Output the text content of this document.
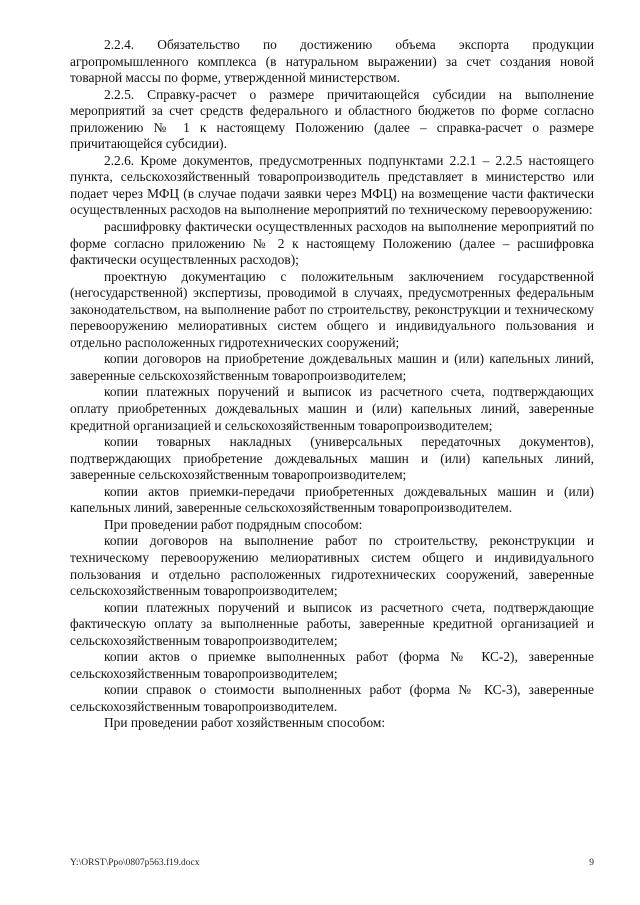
2.2.4. Обязательство по достижению объема экспорта продукции агропромышленного комплекса (в натуральном выражении) за счет создания новой товарной массы по форме, утвержденной министерством.

2.2.5. Справку-расчет о размере причитающейся субсидии на выполнение мероприятий за счет средств федерального и областного бюджетов по форме согласно приложению № 1 к настоящему Положению (далее – справка-расчет о размере причитающейся субсидии).

2.2.6. Кроме документов, предусмотренных подпунктами 2.2.1 – 2.2.5 настоящего пункта, сельскохозяйственный товаропроизводитель представляет в министерство или подает через МФЦ (в случае подачи заявки через МФЦ) на возмещение части фактически осуществленных расходов на выполнение мероприятий по техническому перевооружению:

расшифровку фактически осуществленных расходов на выполнение мероприятий по форме согласно приложению № 2 к настоящему Положению (далее – расшифровка фактически осуществленных расходов);

проектную документацию с положительным заключением государственной (негосударственной) экспертизы, проводимой в случаях, предусмотренных федеральным законодательством, на выполнение работ по строительству, реконструкции и техническому перевооружению мелиоративных систем общего и индивидуального пользования и отдельно расположенных гидротехнических сооружений;

копии договоров на приобретение дождевальных машин и (или) капельных линий, заверенные сельскохозяйственным товаропроизводителем;

копии платежных поручений и выписок из расчетного счета, подтверждающих оплату приобретенных дождевальных машин и (или) капельных линий, заверенные кредитной организацией и сельскохозяйственным товаропроизводителем;

копии товарных накладных (универсальных передаточных документов), подтверждающих приобретение дождевальных машин и (или) капельных линий, заверенные сельскохозяйственным товаропроизводителем;

копии актов приемки-передачи приобретенных дождевальных машин и (или) капельных линий, заверенные сельскохозяйственным товаропроизводителем.

При проведении работ подрядным способом:

копии договоров на выполнение работ по строительству, реконструкции и техническому перевооружению мелиоративных систем общего и индивидуального пользования и отдельно расположенных гидротехнических сооружений, заверенные сельскохозяйственным товаропроизводителем;

копии платежных поручений и выписок из расчетного счета, подтверждающие фактическую оплату за выполненные работы, заверенные кредитной организацией и сельскохозяйственным товаропроизводителем;

копии актов о приемке выполненных работ (форма № КС-2), заверенные сельскохозяйственным товаропроизводителем;

копии справок о стоимости выполненных работ (форма № КС-3), заверенные сельскохозяйственным товаропроизводителем.

При проведении работ хозяйственным способом:

Y:\ORST\Ppo\0807p563.f19.docx	9
